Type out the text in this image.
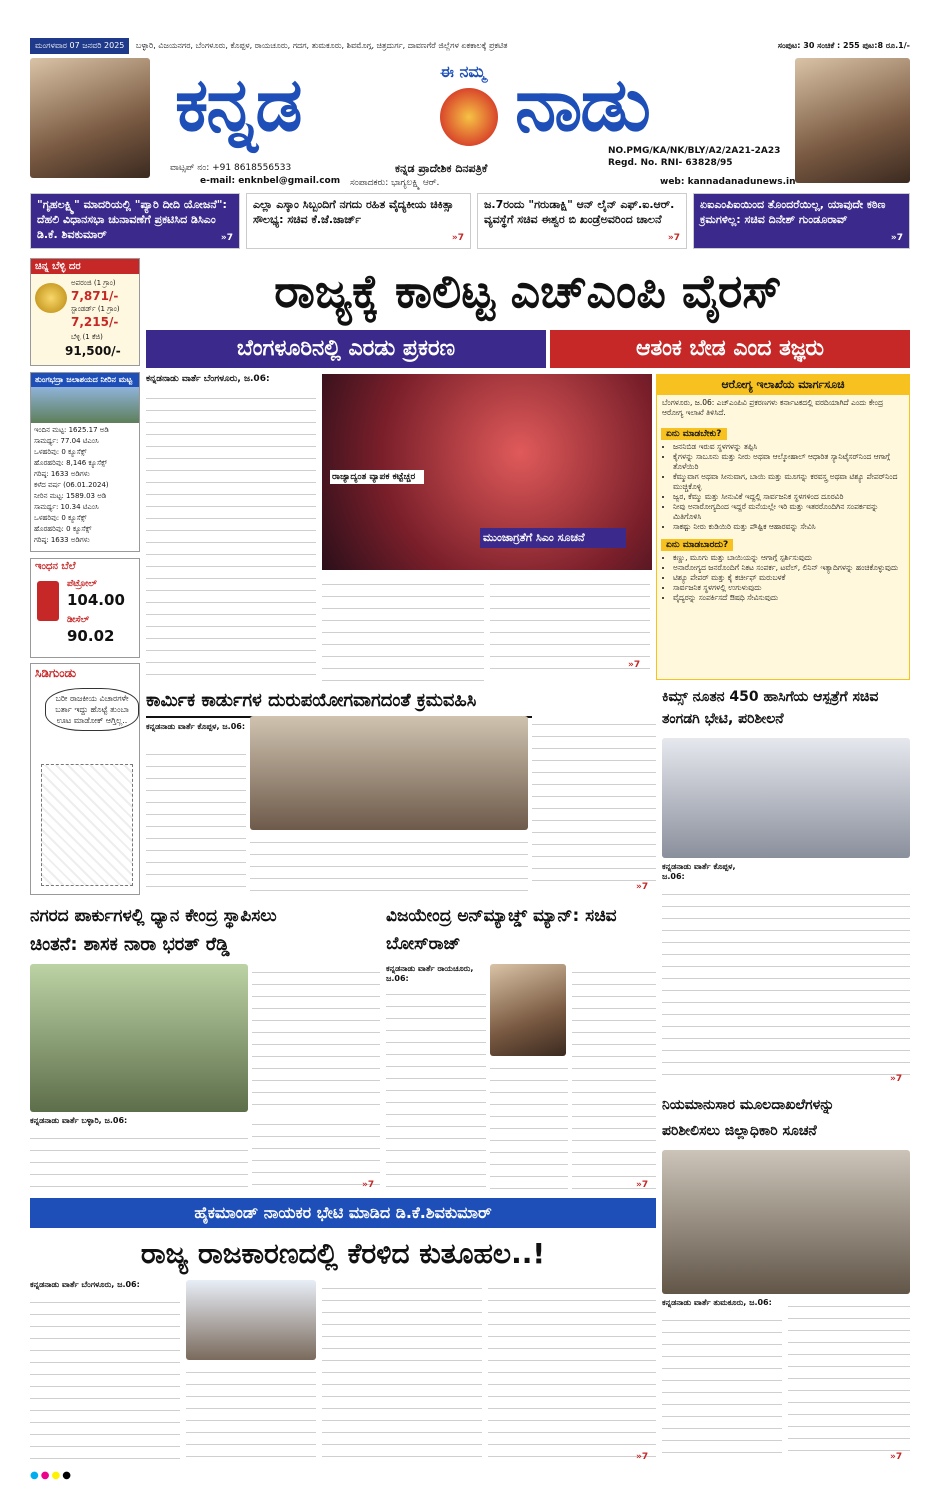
ಮಂಗಳವಾರ 07 ಜನವರಿ 2025 ಬಳ್ಳಾರಿ, ವಿಜಯನಗರ, ಬೆಂಗಳೂರು, ಕೊಪ್ಪಳ, ರಾಯಚೂರು, ಗದಗ, ತುಮಕೂರು, ಶಿವಮೊಗ್ಗ, ಚಿತ್ರದುರ್ಗ, ದಾವಣಗೆರೆ ಜಿಲ್ಲೆಗಳ ಏಕಕಾಲಕ್ಕೆ ಪ್ರಕಟಿತ	ಸಂಪುಟ: 30 ಸಂಚಿಕೆ : 255 ಪುಟ:8 ರೂ.1/-
ಕನ್ನಡ	ಈ ನಮ್ಮ ನಾಡು
ಕನ್ನಡ ಪ್ರಾದೇಶಿಕ ದಿನಪತ್ರಿಕೆ
ಸಂಪಾದಕರು: ಭಾಗ್ಯಲಕ್ಷ್ಮಿ ಆರ್.
ವಾಟ್ಸಪ್ ನಂ: +91 8618556533
e-mail: enknbel@gmail.com
NO.PMG/KA/NK/BLY/A2/2A21-2A23
Regd. No. RNI- 63828/95
web: kannadanadunews.in
"ಗೃಹಲಕ್ಷ್ಮಿ" ಮಾದರಿಯಲ್ಲಿ "ಪ್ಯಾರಿ ದೀದಿ ಯೋಜನೆ": ದೆಹಲಿ ವಿಧಾನಸಭಾ ಚುನಾವಣೆಗೆ ಪ್ರಕಟಿಸಿದ ಡಿಸಿಎಂ ಡಿ.ಕೆ. ಶಿವಕುಮಾರ್	»7
ಎಲ್ಲಾ ಎಸ್ಕಾಂ ಸಿಬ್ಬಂದಿಗೆ ನಗದು ರಹಿತ ವೈದ್ಯಕೀಯ ಚಿಕಿತ್ಸಾ ಸೌಲಭ್ಯ: ಸಚಿವ ಕೆ.ಜೆ.ಜಾರ್ಜ್
»7
ಜ.7ರಂದು "ಗರುಡಾಕ್ಷಿ" ಆನ್ ಲೈನ್ ಎಫ್.ಐ.ಆರ್. ವ್ಯವಸ್ಥೆಗೆ ಸಚಿವ ಈಶ್ವರ ಬಿ ಖಂಡ್ರೆಅವರಿಂದ ಚಾಲನೆ
»7
ಏಐಎಂಪಿಐಯಿಂದ ತೊಂದರೆಯಿಲ್ಲ, ಯಾವುದೇ ಕಠಿಣ ಕ್ರಮಗಳಿಲ್ಲ: ಸಚಿವ ದಿನೇಶ್ ಗುಂಡೂರಾವ್
»7
ಚಿನ್ನ ಬೆಳ್ಳಿ ದರ
ಅಪರಂಜಿ (1 ಗ್ರಾಂ)
7,871/-
ಸ್ಟಾಂಡರ್ಡ್ (1 ಗ್ರಾಂ)
7,215/-
ಬೆಳ್ಳಿ (1 ಕೆಜಿ)
91,500/-
ತುಂಗಭದ್ರಾ ಜಲಾಶಯದ ನೀರಿನ ಮಟ್ಟ
ಇಂದಿನ ಮಟ್ಟ: 1625.17 ಅಡಿ
ಸಾಮರ್ಥ್ಯ: 77.04 ಟಿಎಂಸಿ
ಒಳಹರಿವು: 0 ಕ್ಯೂಸೆಕ್ಸ್
ಹೊರಹರಿವು: 8,146 ಕ್ಯೂಸೆಕ್ಸ್
ಗರಿಷ್ಠ: 1633 ಅಡಿಗಳು
ಕಳೆದ ವರ್ಷ (06.01.2024)
ನೀರಿನ ಮಟ್ಟ: 1589.03 ಅಡಿ
ಸಾಮರ್ಥ್ಯ: 10.34 ಟಿಎಂಸಿ
ಒಳಹರಿವು: 0 ಕ್ಯೂಸೆಕ್ಸ್
ಹೊರಹರಿವು: 0 ಕ್ಯೂಸೆಕ್ಸ್
ಗರಿಷ್ಠ: 1633 ಅಡಿಗಳು
ಇಂಧನ ಬೆಲೆ
ಪೆಟ್ರೋಲ್
104.00
ಡೀಸೆಲ್
90.02
ಸಿಡಿಗುಂಡು
ಬರೀ ರಾಜಕೀಯ ವಿಚಾರಗಳೇ ಬರ್ತಾ ಇದ್ದು ಹೊಟ್ಟೆ ತುಂಬಾ ಊಟ ಮಾಡೋಕ್ ಆಗ್ತಿಲ್ಲ..
ರಾಜ್ಯಕ್ಕೆ ಕಾಲಿಟ್ಟ ಎಚ್ಎಂಪಿ ವೈರಸ್
ಬೆಂಗಳೂರಿನಲ್ಲಿ ಎರಡು ಪ್ರಕರಣ	ಆತಂಕ ಬೇಡ ಎಂದ ತಜ್ಞರು
ಕನ್ನಡನಾಡು ವಾರ್ತೆ ಬೆಂಗಳೂರು, ಜ.06:
ರಾಜ್ಯಾದ್ಯಂತ ವ್ಯಾಪಕ ಕಟ್ಟೆಚ್ಚರ
ಮುಂಜಾಗ್ರತೆಗೆ ಸಿಎಂ ಸೂಚನೆ
»7
ಆರೋಗ್ಯ ಇಲಾಖೆಯ ಮಾರ್ಗಸೂಚಿ
ಬೆಂಗಳೂರು, ಜ.06: ಎಚ್‌ಎಂಪಿವಿ ಪ್ರಕರಣಗಳು ಕರ್ನಾಟಕದಲ್ಲಿ ವರದಿಯಾಗಿದೆ ಎಂದು ಕೇಂದ್ರ ಆರೋಗ್ಯ ಇಲಾಖೆ ತಿಳಿಸಿದೆ.
ಏನು ಮಾಡಬೇಕು?
• ಜನನಿಬಿಡ ಇರುವ ಸ್ಥಳಗಳನ್ನು ತಪ್ಪಿಸಿ
• ಕೈಗಳನ್ನು ಸಾಬೂನು ಮತ್ತು ನೀರು ಅಥವಾ ಆಲ್ಕೋಹಾಲ್ ಆಧಾರಿತ ಸ್ಯಾನಿಟೈಸರ್‌ನಿಂದ ಆಗಾಗ್ಗೆ ತೊಳೆಯಿರಿ
• ಕೆಮ್ಮುವಾಗ ಅಥವಾ ಸೀನುವಾಗ, ಬಾಯಿ ಮತ್ತು ಮೂಗನ್ನು ಕರವಸ್ತ್ರ ಅಥವಾ ಟಿಶ್ಯೂ ಪೇಪರ್‌ನಿಂದ ಮುಚ್ಚಿಕೊಳ್ಳಿ
• ಜ್ವರ, ಕೆಮ್ಮು ಮತ್ತು ಸೀನುವಿಕೆ ಇದ್ದಲ್ಲಿ ಸಾರ್ವಜನಿಕ ಸ್ಥಳಗಳಿಂದ ದೂರವಿರಿ
• ನೀವು ಅನಾರೋಗ್ಯದಿಂದ ಇದ್ದರೆ ಮನೆಯಲ್ಲೇ ಇರಿ ಮತ್ತು ಇತರರೊಂದಿಗಿನ ಸಂಪರ್ಕವನ್ನು ಮಿತಿಗೊಳಿಸಿ
• ಸಾಕಷ್ಟು ನೀರು ಕುಡಿಯಿರಿ ಮತ್ತು ಪೌಷ್ಟಿಕ ಆಹಾರವನ್ನು ಸೇವಿಸಿ
ಏನು ಮಾಡಬಾರದು?
• ಕಣ್ಣು, ಮೂಗು ಮತ್ತು ಬಾಯಿಯನ್ನು ಆಗಾಗ್ಗೆ ಸ್ಪರ್ಶಿಸುವುದು
• ಅನಾರೋಗ್ಯದ ಜನರೊಂದಿಗೆ ನಿಕಟ ಸಂಪರ್ಕ, ಟವೆಲ್, ಲಿನಿನ್ ಇತ್ಯಾದಿಗಳನ್ನು ಹಂಚಿಕೊಳ್ಳುವುದು
• ಟಿಶ್ಯೂ ಪೇಪರ್ ಮತ್ತು ಕೈ ಕರ್ಚೀಫ್ ಮರುಬಳಕೆ
• ಸಾರ್ವಜನಿಕ ಸ್ಥಳಗಳಲ್ಲಿ ಉಗುಳುವುದು
• ವೈದ್ಯರನ್ನು ಸಂಪರ್ಕಿಸದೆ ಔಷಧಿ ಸೇವಿಸುವುದು
ಕಾರ್ಮಿಕ ಕಾರ್ಡುಗಳ ದುರುಪಯೋಗವಾಗದಂತೆ ಕ್ರಮವಹಿಸಿ
ಕನ್ನಡನಾಡು ವಾರ್ತೆ ಕೊಪ್ಪಳ, ಜ.06:
»7
ಕಿಮ್ಸ್ ನೂತನ 450 ಹಾಸಿಗೆಯ ಆಸ್ಪತ್ರೆಗೆ ಸಚಿವ ತಂಗಡಗಿ ಭೇಟಿ, ಪರಿಶೀಲನೆ
ಕನ್ನಡನಾಡು ವಾರ್ತೆ ಕೊಪ್ಪಳ, ಜ.06:
»7
ನಗರದ ಪಾರ್ಕುಗಳಲ್ಲಿ ಧ್ಯಾನ ಕೇಂದ್ರ ಸ್ಥಾಪಿಸಲು
ಚಿಂತನೆ: ಶಾಸಕ ನಾರಾ ಭರತ್ ರೆಡ್ಡಿ
ಕನ್ನಡನಾಡು ವಾರ್ತೆ ಬಳ್ಳಾರಿ, ಜ.06:
»7
ವಿಜಯೇಂದ್ರ ಅನ್‌ಮ್ಯಾಚ್ಡ್ ಮ್ಯಾನ್: ಸಚಿವ ಬೋಸ್‌ರಾಜ್
ಕನ್ನಡನಾಡು ವಾರ್ತೆ ರಾಯಚೂರು, ಜ.06:
»7
ನಿಯಮಾನುಸಾರ ಮೂಲದಾಖಲೆಗಳನ್ನು
ಪರಿಶೀಲಿಸಲು ಜಿಲ್ಲಾಧಿಕಾರಿ ಸೂಚನೆ
ಕನ್ನಡನಾಡು ವಾರ್ತೆ ತುಮಕೂರು, ಜ.06:
»7
ಹೈಕಮಾಂಡ್ ನಾಯಕರ ಭೇಟಿ ಮಾಡಿದ ಡಿ.ಕೆ.ಶಿವಕುಮಾರ್
ರಾಜ್ಯ ರಾಜಕಾರಣದಲ್ಲಿ ಕೆರಳಿದ ಕುತೂಹಲ..!
ಕನ್ನಡನಾಡು ವಾರ್ತೆ ಬೆಂಗಳೂರು, ಜ.06:
»7
●●●●
